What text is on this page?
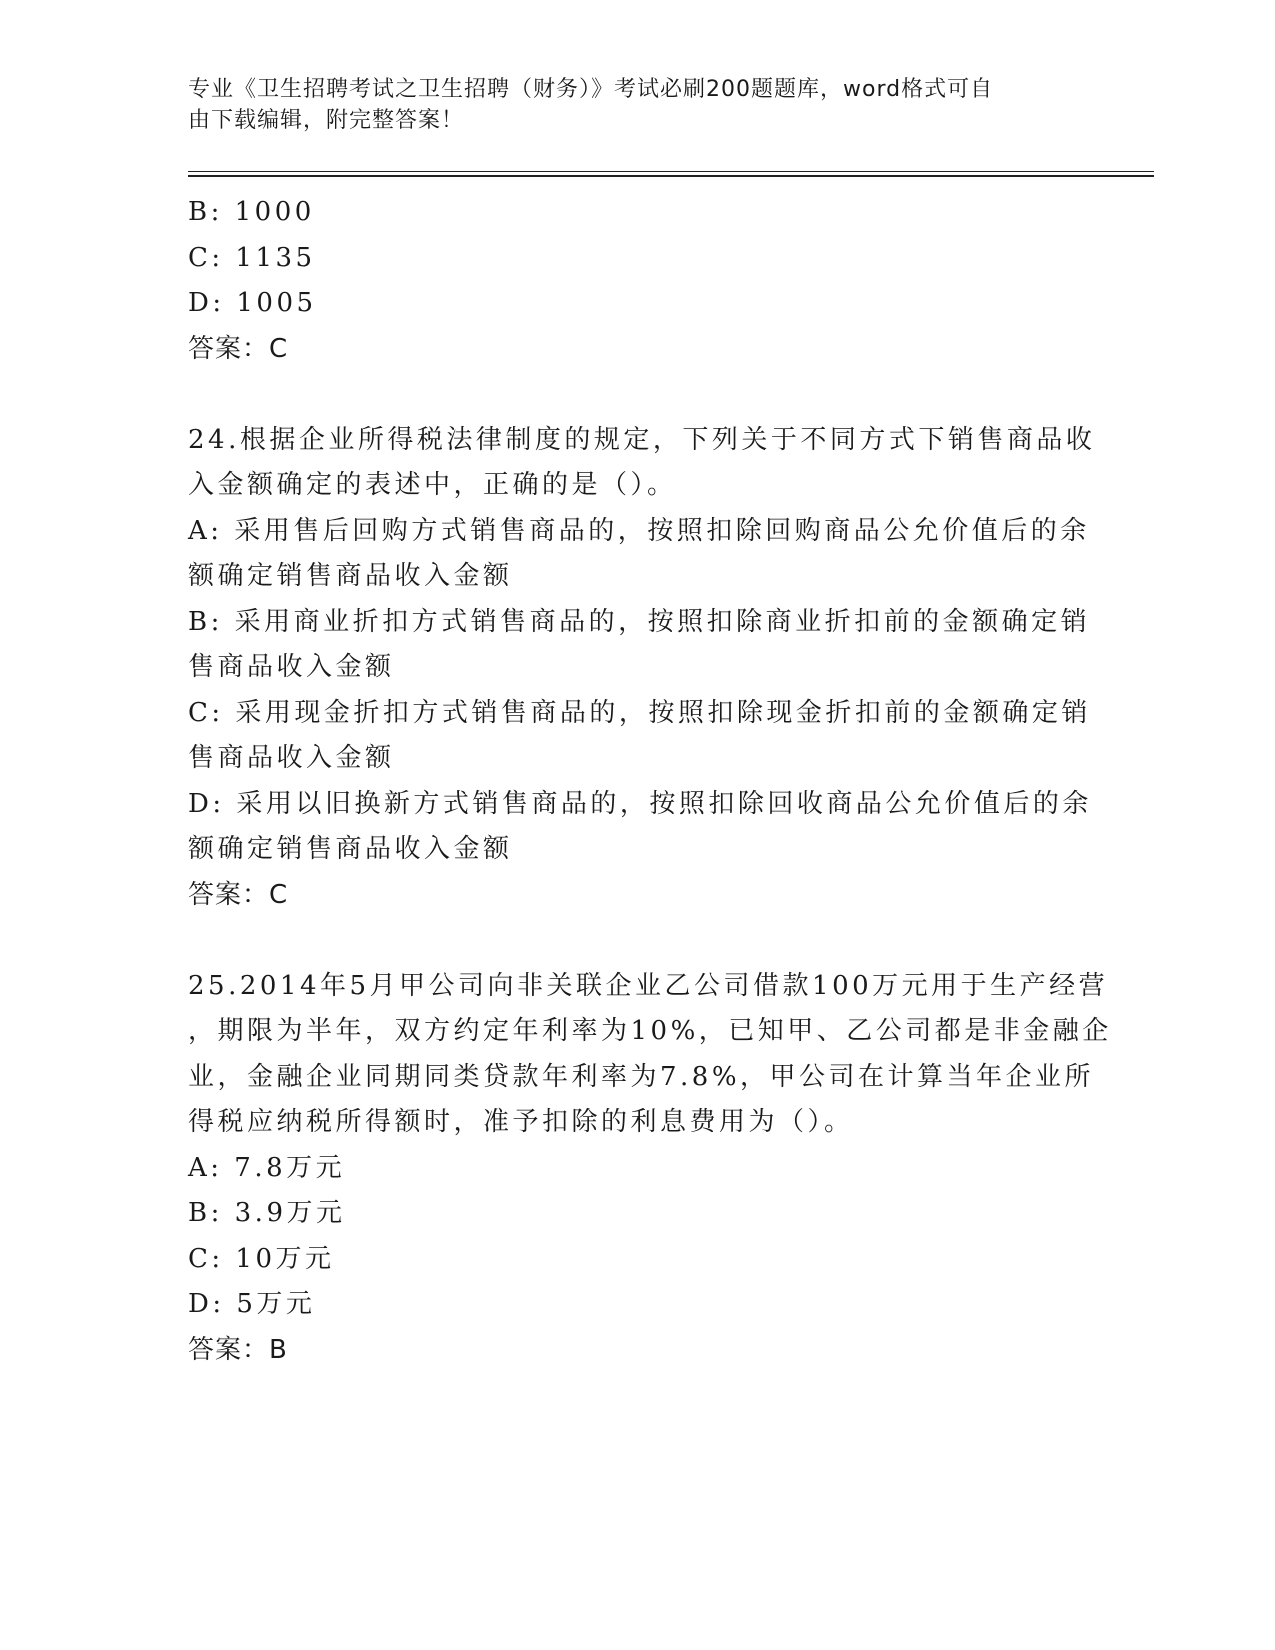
专业《卫生招聘考试之卫生招聘（财务）》考试必刷200题题库，word格式可自
由下载编辑，附完整答案！
B: 1000
C: 1135
D: 1005
答案：C
24.根据企业所得税法律制度的规定，下列关于不同方式下销售商品收
入金额确定的表述中，正确的是（）。
A: 采用售后回购方式销售商品的，按照扣除回购商品公允价值后的余
额确定销售商品收入金额
B: 采用商业折扣方式销售商品的，按照扣除商业折扣前的金额确定销
售商品收入金额
C: 采用现金折扣方式销售商品的，按照扣除现金折扣前的金额确定销
售商品收入金额
D: 采用以旧换新方式销售商品的，按照扣除回收商品公允价值后的余
额确定销售商品收入金额
答案：C
25.2014年5月甲公司向非关联企业乙公司借款100万元用于生产经营
，期限为半年，双方约定年利率为10%，已知甲、乙公司都是非金融企
业，金融企业同期同类贷款年利率为7.8%，甲公司在计算当年企业所
得税应纳税所得额时，准予扣除的利息费用为（）。
A: 7.8万元
B: 3.9万元
C: 10万元
D: 5万元
答案：B
